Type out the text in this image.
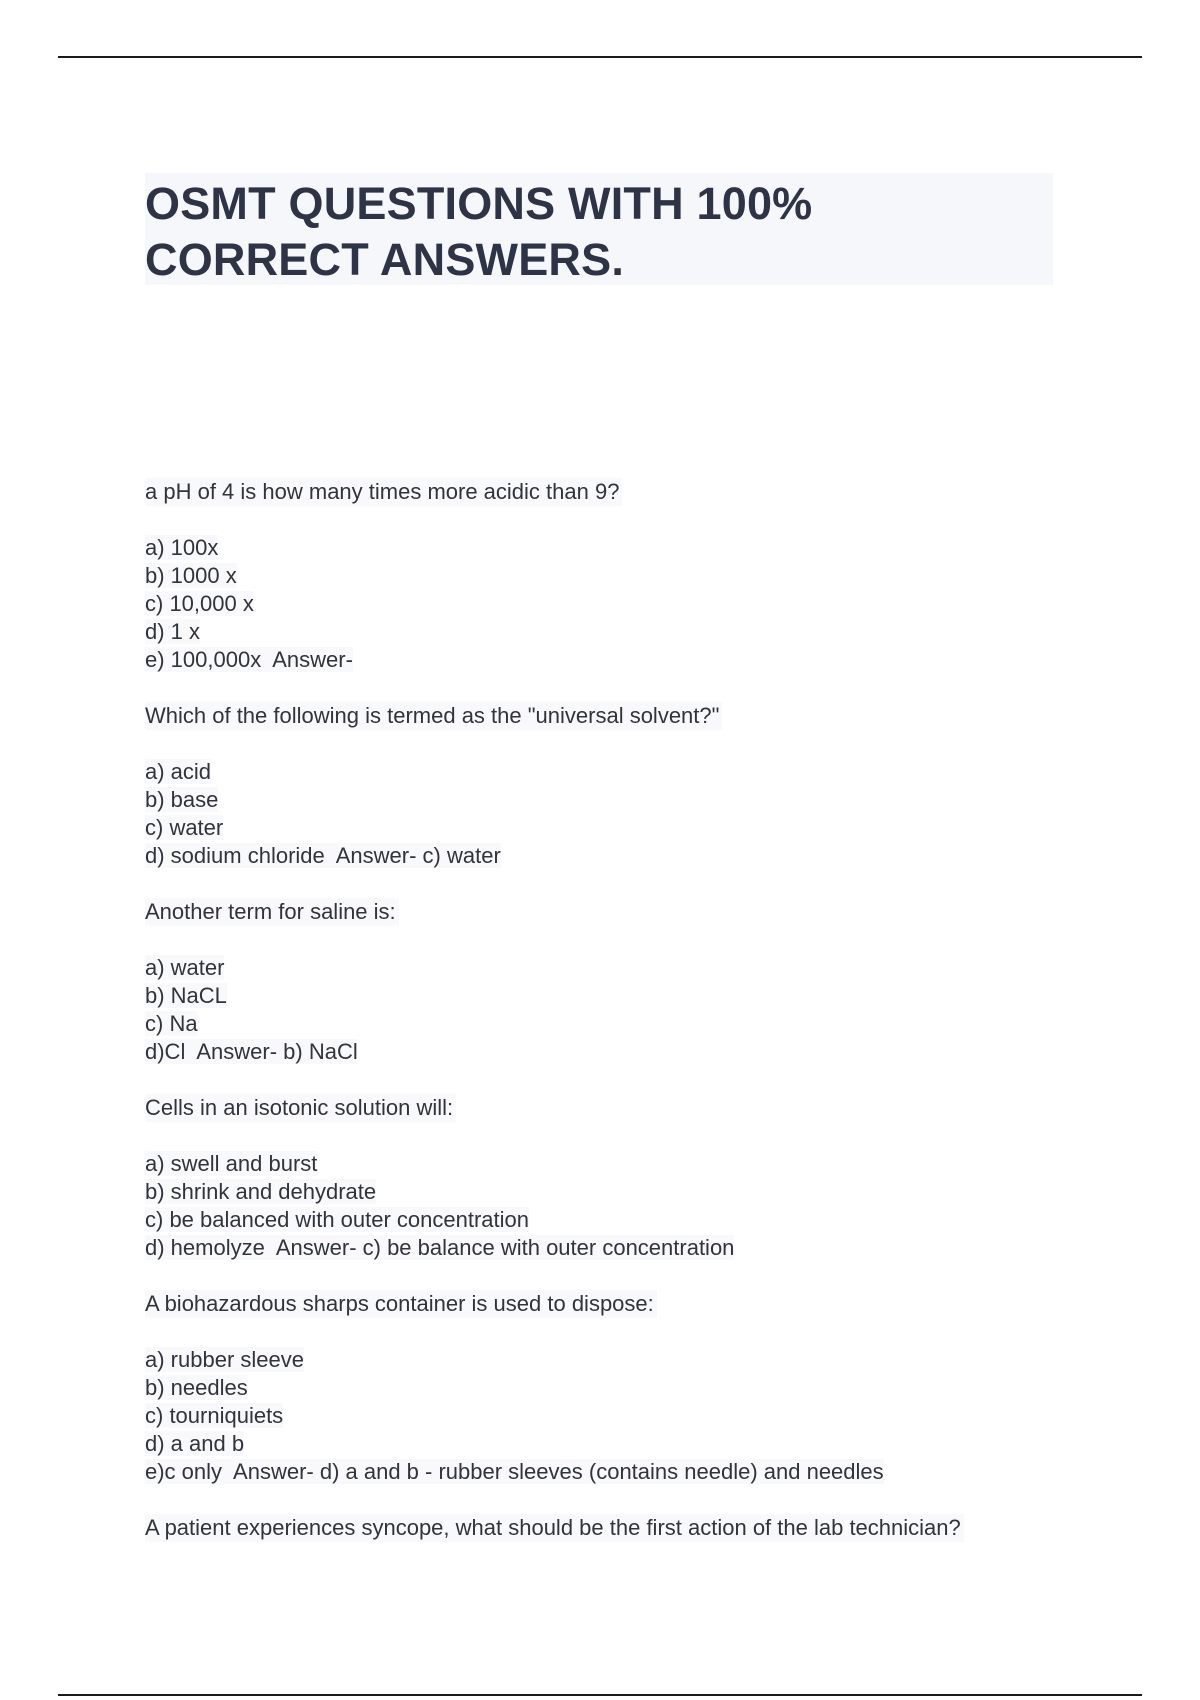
OSMT QUESTIONS WITH 100%
CORRECT ANSWERS.
a pH of 4 is how many times more acidic than 9?
a) 100x
b) 1000 x
c) 10,000 x
d) 1 x
e) 100,000x  Answer-
Which of the following is termed as the "universal solvent?"
a) acid
b) base
c) water
d) sodium chloride  Answer- c) water
Another term for saline is:
a) water
b) NaCL
c) Na
d)Cl  Answer- b) NaCl
Cells in an isotonic solution will:
a) swell and burst
b) shrink and dehydrate
c) be balanced with outer concentration
d) hemolyze  Answer- c) be balance with outer concentration
A biohazardous sharps container is used to dispose:
a) rubber sleeve
b) needles
c) tourniquiets
d) a and b
e)c only  Answer- d) a and b - rubber sleeves (contains needle) and needles
A patient experiences syncope, what should be the first action of the lab technician?
